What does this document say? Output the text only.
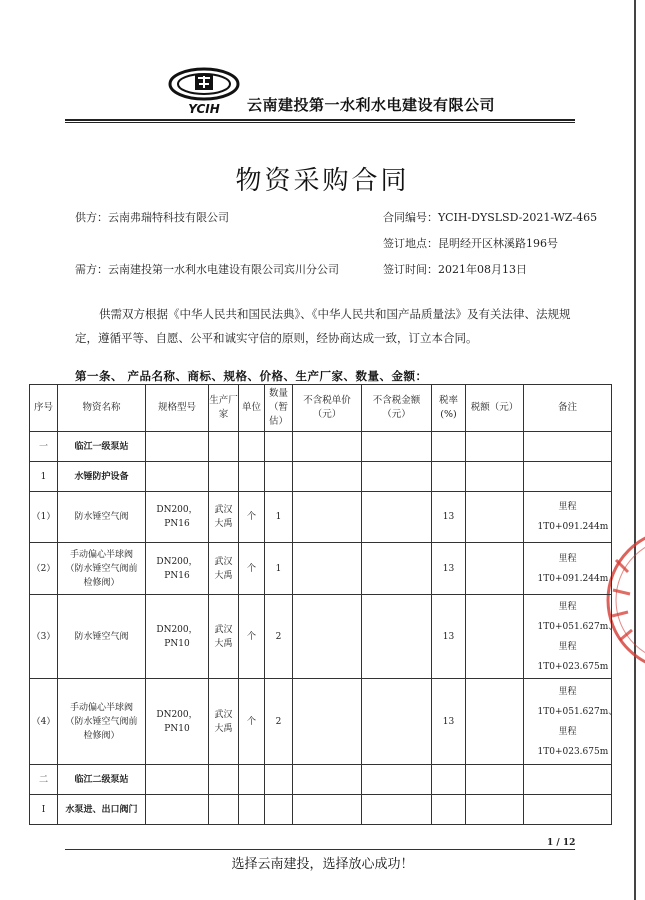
YCIH 云南建投第一水利水电建设有限公司
物资采购合同
供方：云南弗瑞特科技有限公司	合同编号：YCIH-DYSLSD-2021-WZ-465
签订地点：昆明经开区林溪路196号
需方：云南建投第一水利水电建设有限公司宾川分公司	签订时间：2021年08月13日
供需双方根据《中华人民共和国民法典》、《中华人民共和国产品质量法》及有关法律、法规规定，遵循平等、自愿、公平和诚实守信的原则，经协商达成一致，订立本合同。
第一条、 产品名称、商标、规格、价格、生产厂家、数量、金额：
序号	物资名称	规格型号	生产厂家	单位	数量（暂估）	不含税单价（元）	不含税金额（元）	税率(%)	税额（元）	备注
一	临江一级泵站									
1	水锤防护设备									
（1）	防水锤空气阀	DN200，PN16	武汉大禹	个	1			13		里程1T0+091.244m
（2）	手动偏心半球阀（防水锤空气阀前检修阀）	DN200，PN16	武汉大禹	个	1			13		里程1T0+091.244m
（3）	防水锤空气阀	DN200，PN10	武汉大禹	个	2			13		里程1T0+051.627m、里程1T0+023.675m
（4）	手动偏心半球阀（防水锤空气阀前检修阀）	DN200，PN10	武汉大禹	个	2			13		里程1T0+051.627m、里程1T0+023.675m
二	临江二级泵站									
I	水泵进、出口阀门									
1 / 12
选择云南建投，选择放心成功！
